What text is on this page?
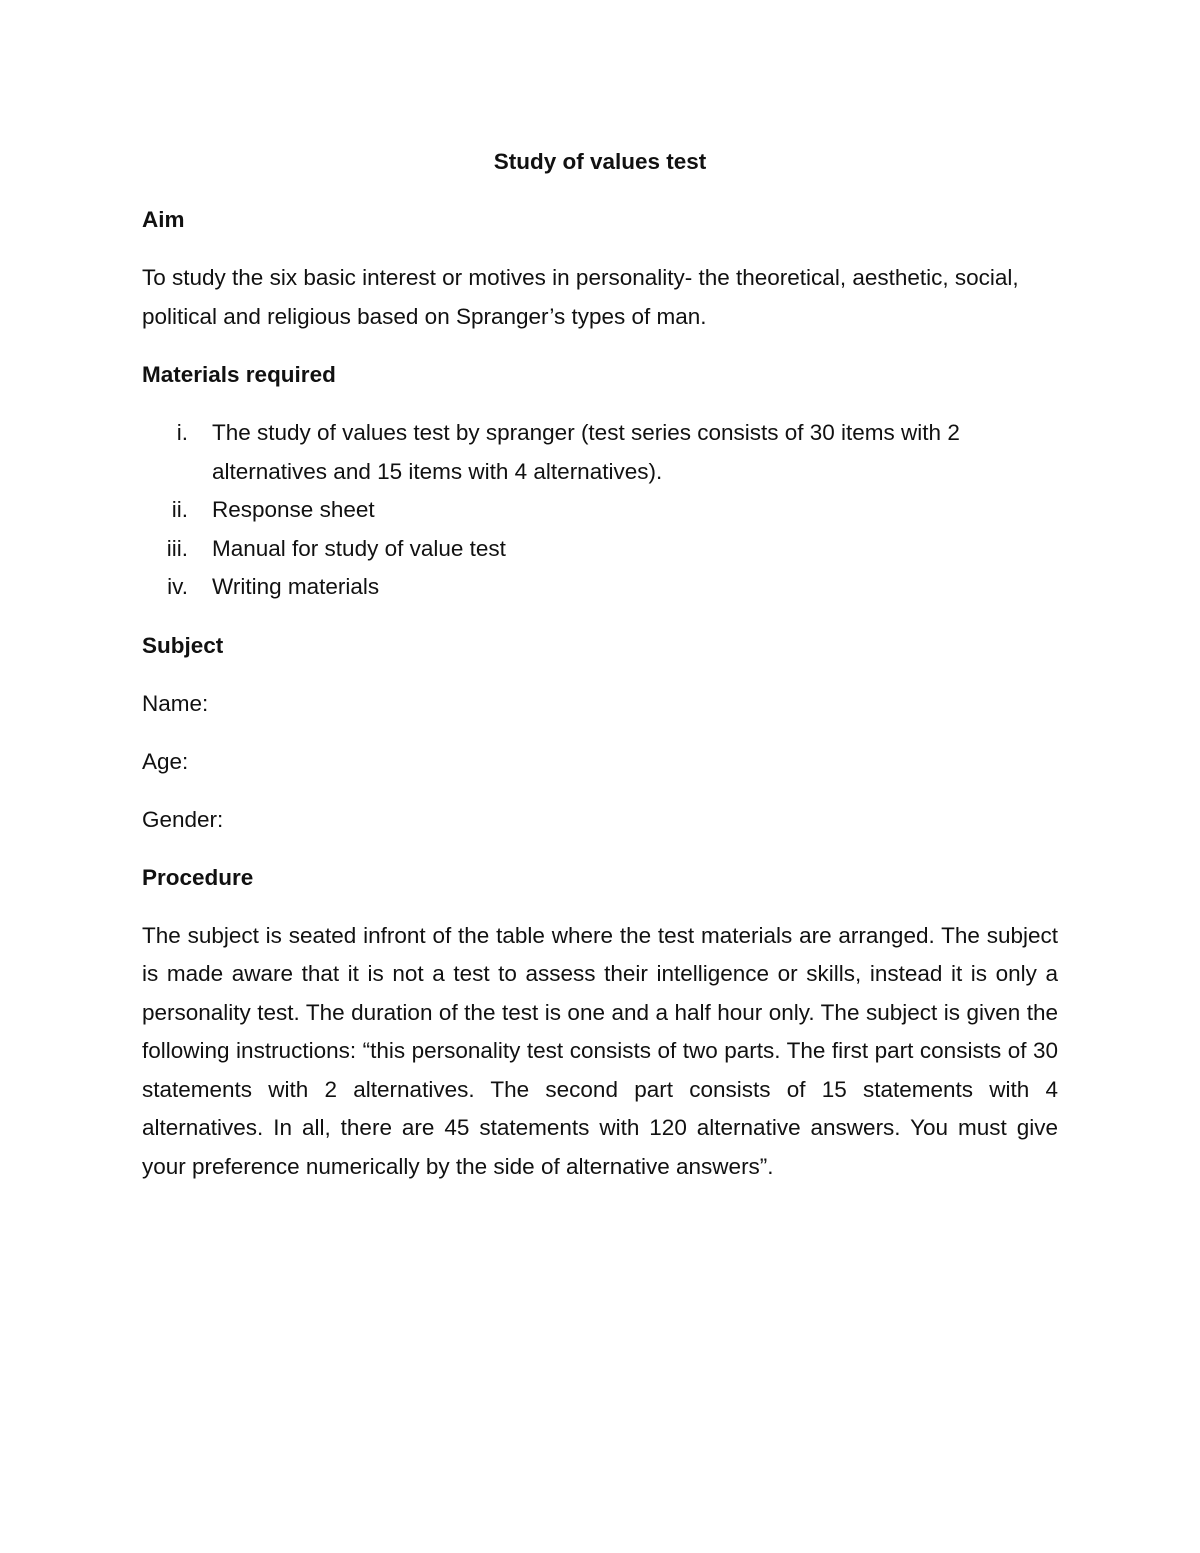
Study of values test
Aim
To study the six basic interest or motives in personality- the theoretical, aesthetic, social, political and religious based on Spranger’s types of man.
Materials required
i.	The study of values test by spranger (test series consists of 30 items with 2 alternatives and 15 items with 4 alternatives).
ii.	Response sheet
iii.	Manual for study of value test
iv.	Writing materials
Subject
Name:
Age:
Gender:
Procedure
The subject is seated infront of the table where the test materials are arranged. The subject is made aware that it is not a test to assess their intelligence or skills, instead it is only a personality test. The duration of the test is one and a half hour only. The subject is given the following instructions: “this personality test consists of two parts. The first part consists of 30 statements with 2 alternatives. The second part consists of 15 statements with 4 alternatives. In all, there are 45 statements with 120 alternative answers. You must give your preference numerically by the side of alternative answers”.
